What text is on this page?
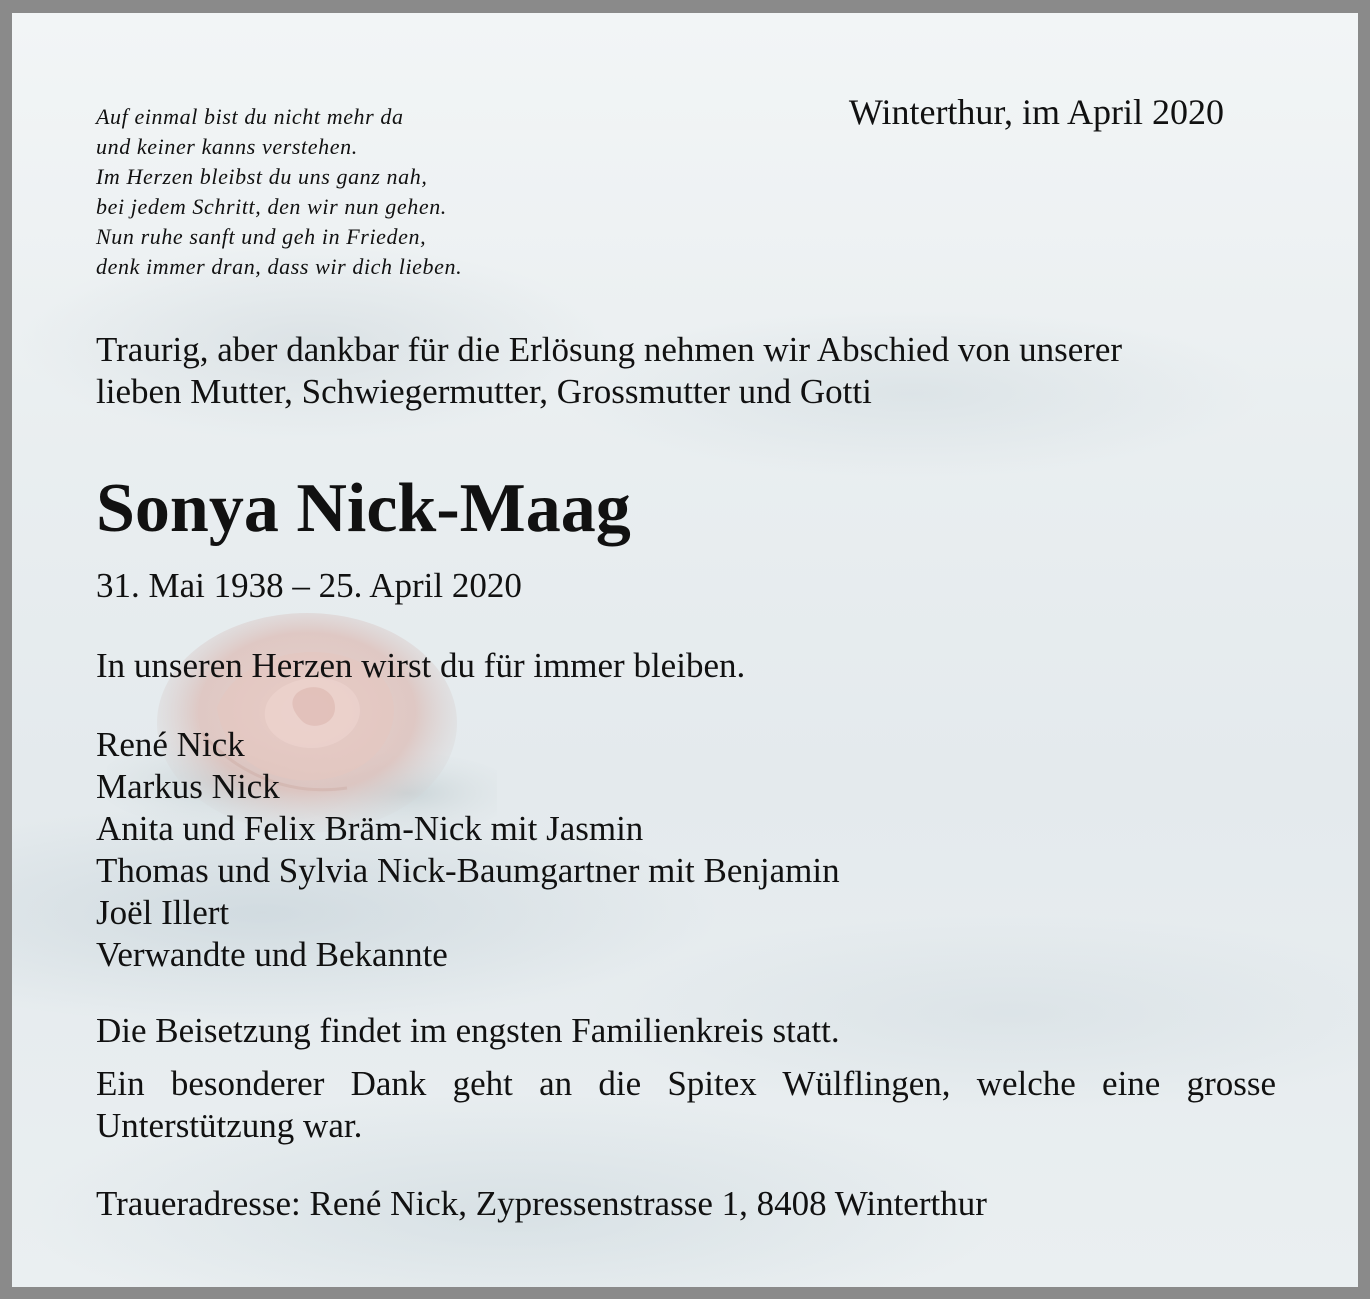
Auf einmal bist du nicht mehr da
und keiner kanns verstehen.
Im Herzen bleibst du uns ganz nah,
bei jedem Schritt, den wir nun gehen.
Nun ruhe sanft und geh in Frieden,
denk immer dran, dass wir dich lieben.
Winterthur, im April 2020
Traurig, aber dankbar für die Erlösung nehmen wir Abschied von unserer
lieben Mutter, Schwiegermutter, Grossmutter und Gotti
Sonya Nick-Maag
31. Mai 1938 – 25. April 2020
In unseren Herzen wirst du für immer bleiben.
René Nick
Markus Nick
Anita und Felix Bräm-Nick mit Jasmin
Thomas und Sylvia Nick-Baumgartner mit Benjamin
Joël Illert
Verwandte und Bekannte
Die Beisetzung findet im engsten Familienkreis statt.
Ein besonderer Dank geht an die Spitex Wülflingen, welche eine grosse
Unterstützung war.
Traueradresse: René Nick, Zypressenstrasse 1, 8408 Winterthur
